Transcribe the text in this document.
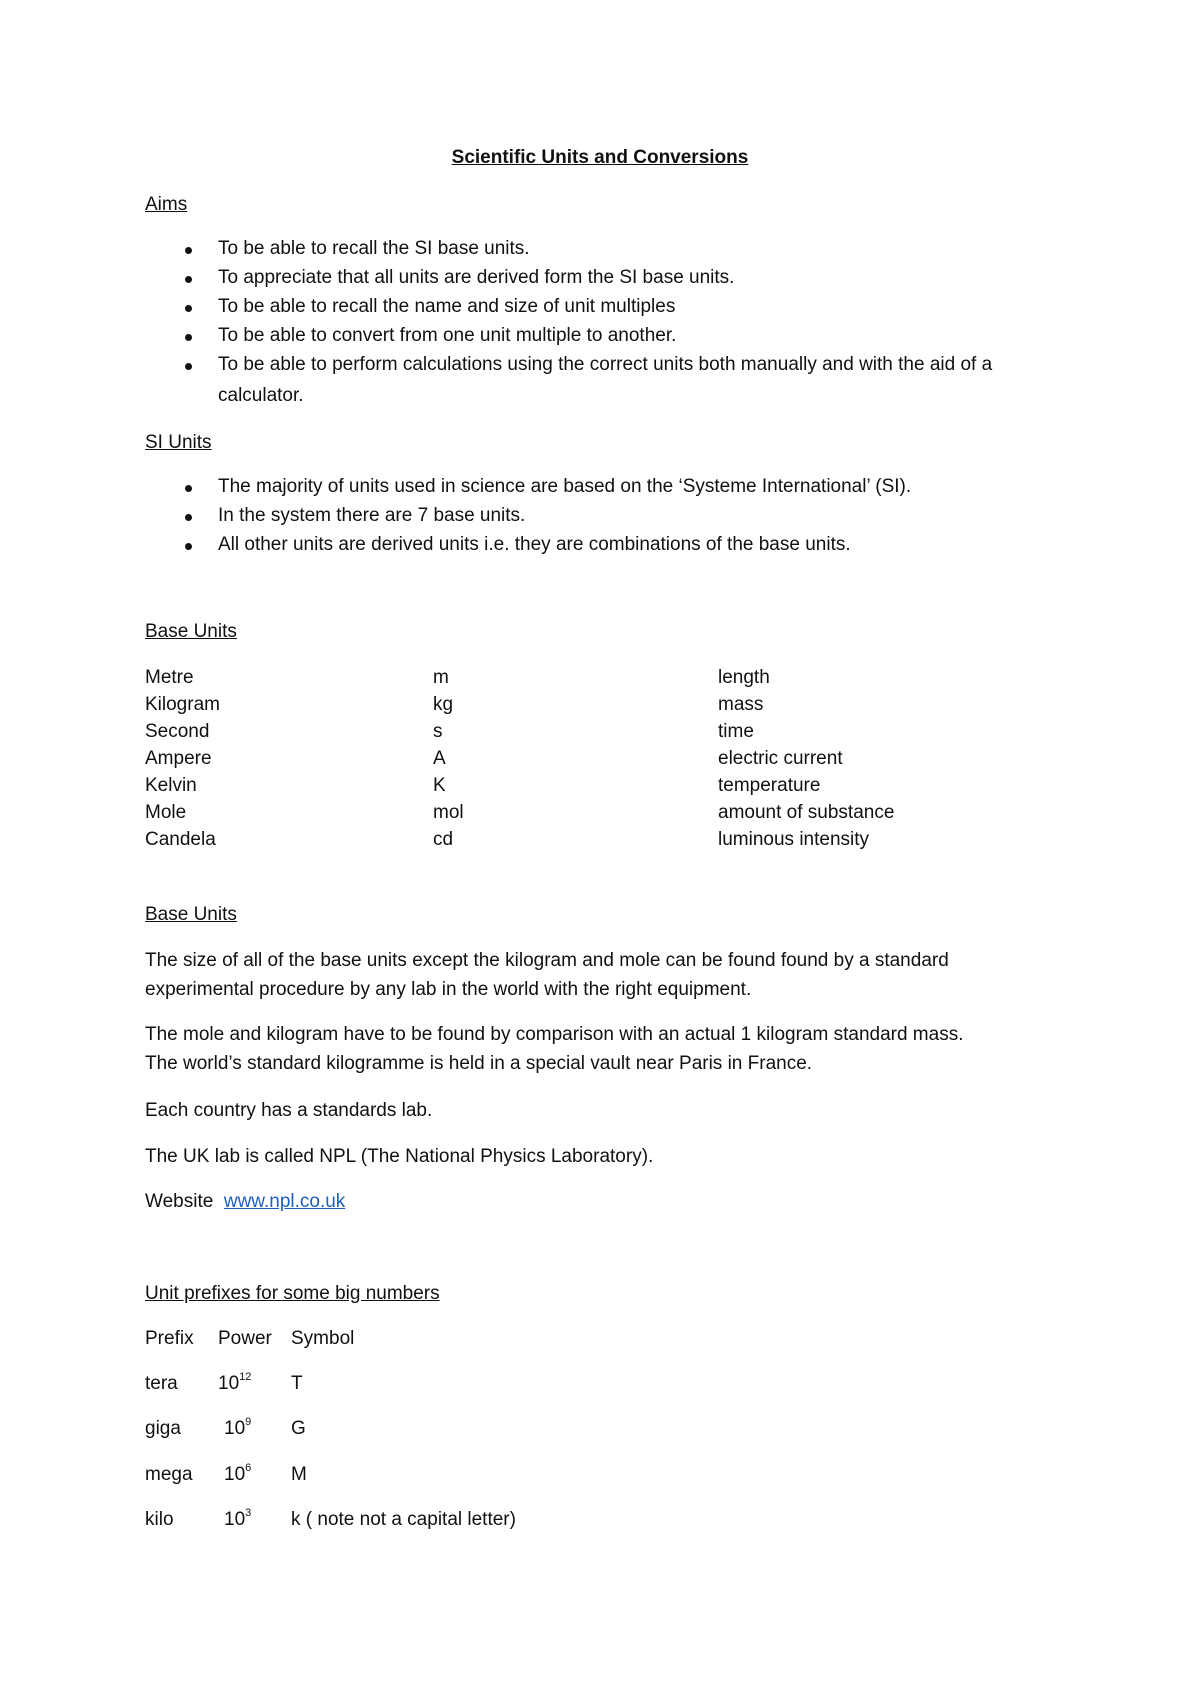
Scientific Units and Conversions
Aims
To be able to recall the SI base units.
To appreciate that all units are derived form the SI base units.
To be able to recall the name and size of unit multiples
To be able to convert from one unit multiple to another.
To be able to perform calculations using the correct units both manually and with the aid of a
calculator.
SI Units
The majority of units used in science are based on the ‘Systeme International’ (SI).
In the system there are 7 base units.
All other units are derived units i.e. they are combinations of the base units.
Base Units
Metre	m	length
Kilogram	kg	mass
Second	s	time
Ampere	A	electric current
Kelvin	K	temperature
Mole	mol	amount of substance
Candela	cd	luminous intensity
Base Units
The size of all of the base units except the kilogram and mole can be found found by a standard
experimental procedure by any lab in the world with the right equipment.
The mole and kilogram have to be found by comparison with an actual 1 kilogram standard mass.
The world’s standard kilogramme is held in a special vault near Paris in France.
Each country has a standards lab.
The UK lab is called NPL (The National Physics Laboratory).
Website www.npl.co.uk
Unit prefixes for some big numbers
Prefix Power Symbol
tera $10^{12}$ T
giga $10^9$ G
mega $10^6$ M
kilo	$10^3$ k ( note not a capital letter)
